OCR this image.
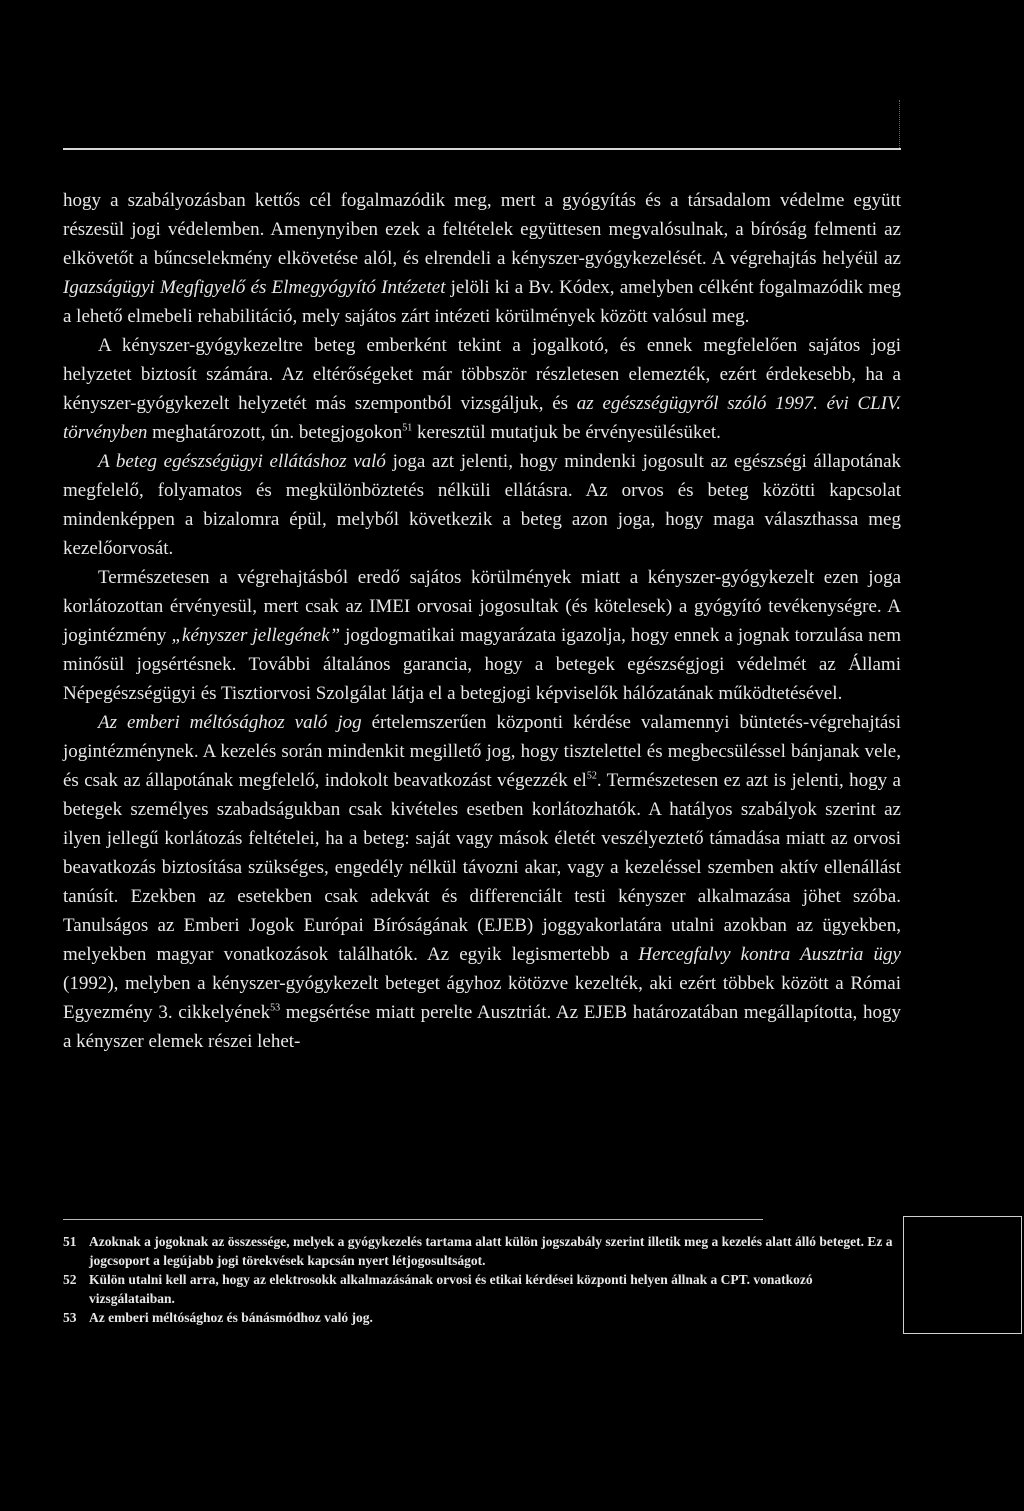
hogy a szabályozásban kettős cél fogalmazódik meg, mert a gyógyítás és a társadalom védelme együtt részesül jogi védelemben. Amenynyiben ezek a feltételek együttesen megvalósulnak, a bíróság felmenti az elkövetőt a bűncselekmény elkövetése alól, és elrendeli a kényszer-gyógykezelését. A végrehajtás helyéül az Igazságügyi Megfigyelő és Elmegyógyító Intézetet jelöli ki a Bv. Kódex, amelyben célként fogalmazódik meg a lehető elmebeli rehabilitáció, mely sajátos zárt intézeti körülmények között valósul meg.

A kényszer-gyógykezeltre beteg emberként tekint a jogalkotó, és ennek megfelelően sajátos jogi helyzetet biztosít számára. Az eltérőségeket már többször részletesen elemezték, ezért érdekesebb, ha a kényszer-gyógykezelt helyzetét más szempontból vizsgáljuk, és az egészségügyről szóló 1997. évi CLIV. törvényben meghatározott, ún. betegjogokon$^{51}$ keresztül mutatjuk be érvényesülésüket.

A beteg egészségügyi ellátáshoz való joga azt jelenti, hogy mindenki jogosult az egészségi állapotának megfelelő, folyamatos és megkülönböztetés nélküli ellátásra. Az orvos és beteg közötti kapcsolat mindenképpen a bizalomra épül, melyből következik a beteg azon joga, hogy maga választhassa meg kezelőorvosát.

Természetesen a végrehajtásból eredő sajátos körülmények miatt a kényszer-gyógykezelt ezen joga korlátozottan érvényesül, mert csak az IMEI orvosai jogosultak (és kötelesek) a gyógyító tevékenységre. A jogintézmény „kényszer jellegének” jogdogmatikai magyarázata igazolja, hogy ennek a jognak torzulása nem minősül jogsértésnek. További általános garancia, hogy a betegek egészségjogi védelmét az Állami Népegészségügyi és Tisztiorvosi Szolgálat látja el a betegjogi képviselők hálózatának működtetésével.

Az emberi méltósághoz való jog értelemszerűen központi kérdése valamennyi büntetés-végrehajtási jogintézménynek. A kezelés során mindenkit megillető jog, hogy tisztelettel és megbecsüléssel bánjanak vele, és csak az állapotának megfelelő, indokolt beavatkozást végezzék $el^{52}$. Természetesen ez azt is jelenti, hogy a betegek személyes szabadságukban csak kivételes esetben korlátozhatók. A hatályos szabályok szerint az ilyen jellegű korlátozás feltételei, ha a beteg: saját vagy mások életét veszélyeztető támadása miatt az orvosi beavatkozás biztosítása szükséges, engedély nélkül távozni akar, vagy a kezeléssel szemben aktív ellenállást tanúsít. Ezekben az esetekben csak adekvát és differenciált testi kényszer alkalmazása jöhet szóba. Tanulságos az Emberi Jogok Európai Bíróságának (EJEB) joggyakorlatára utalni azokban az ügyekben, melyekben magyar vonatkozások találhatók. Az egyik legismertebb a Hercegfalvy kontra Ausztria ügy (1992), melyben a kényszer-gyógykezelt beteget ágyhoz kötözve kezelték, aki ezért többek között a Római Egyezmény 3. cikkelyének$^{53}$ megsértése miatt perelte Ausztriát. Az EJEB határozatában megállapította, hogy a kényszer elemek részei lehet-

51 Azoknak a jogoknak az összessége, melyek a gyógykezelés tartama alatt külön jogszabály szerint illetik meg a kezelés alatt álló beteget. Ez a jogcsoport a legújabb jogi törekvések kapcsán nyert létjogosultságot.
52 Külön utalni kell arra, hogy az elektrosokk alkalmazásának orvosi és etikai kérdései központi helyen állnak a CPT. vonatkozó vizsgálataiban.
53 Az emberi méltósághoz és bánásmódhoz való jog.
